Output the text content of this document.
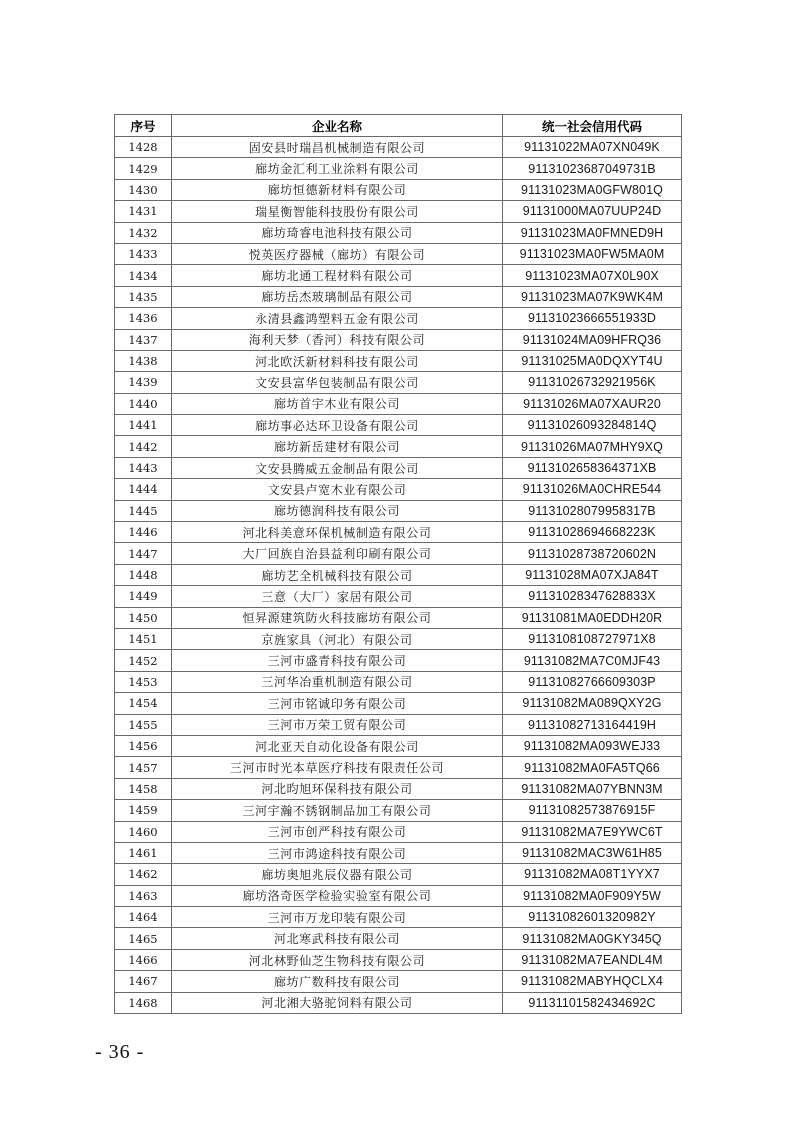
序号	企业名称	统一社会信用代码
1428	固安县时瑞昌机械制造有限公司	91131022MA07XN049K
1429	廊坊金汇利工业涂料有限公司	91131023687049731B
1430	廊坊恒德新材料有限公司	91131023MA0GFW801Q
1431	瑞星衡智能科技股份有限公司	91131000MA07UUP24D
1432	廊坊琦睿电池科技有限公司	91131023MA0FMNED9H
1433	悦英医疗器械（廊坊）有限公司	91131023MA0FW5MA0M
1434	廊坊北通工程材料有限公司	91131023MA07X0L90X
1435	廊坊岳杰玻璃制品有限公司	91131023MA07K9WK4M
1436	永清县鑫鸿塑料五金有限公司	91131023666551933D
1437	海利天梦（香河）科技有限公司	91131024MA09HFRQ36
1438	河北欧沃新材料科技有限公司	91131025MA0DQXYT4U
1439	文安县富华包装制品有限公司	91131026732921956K
1440	廊坊首宇木业有限公司	91131026MA07XAUR20
1441	廊坊事必达环卫设备有限公司	91131026093284814Q
1442	廊坊新岳建材有限公司	91131026MA07MHY9XQ
1443	文安县腾威五金制品有限公司	9113102658364371XB
1444	文安县卢宽木业有限公司	91131026MA0CHRE544
1445	廊坊德润科技有限公司	91131028079958317B
1446	河北科美意环保机械制造有限公司	91131028694668223K
1447	大厂回族自治县益利印刷有限公司	91131028738720602N
1448	廊坊艺全机械科技有限公司	91131028MA07XJA84T
1449	三意（大厂）家居有限公司	91131028347628833X
1450	恒昇源建筑防火科技廊坊有限公司	91131081MA0EDDH20R
1451	京旌家具（河北）有限公司	9113108108727971X8
1452	三河市盛青科技有限公司	91131082MA7C0MJF43
1453	三河华冶重机制造有限公司	91131082766609303P
1454	三河市铭诚印务有限公司	91131082MA089QXY2G
1455	三河市万荣工贸有限公司	91131082713164419H
1456	河北亚天自动化设备有限公司	91131082MA093WEJ33
1457	三河市时光本草医疗科技有限责任公司	91131082MA0FA5TQ66
1458	河北昀旭环保科技有限公司	91131082MA07YBNN3M
1459	三河宇瀚不锈钢制品加工有限公司	91131082573876915F
1460	三河市创严科技有限公司	91131082MA7E9YWC6T
1461	三河市鸿途科技有限公司	91131082MAC3W61H85
1462	廊坊奥旭兆辰仪器有限公司	91131082MA08T1YYX7
1463	廊坊洛奇医学检验实验室有限公司	91131082MA0F909Y5W
1464	三河市万龙印装有限公司	91131082601320982Y
1465	河北寒武科技有限公司	91131082MA0GKY345Q
1466	河北林野仙芝生物科技有限公司	91131082MA7EANDL4M
1467	廊坊广数科技有限公司	91131082MABYHQCLX4
1468	河北湘大骆驼饲料有限公司	91131101582434692C
- 36 -
